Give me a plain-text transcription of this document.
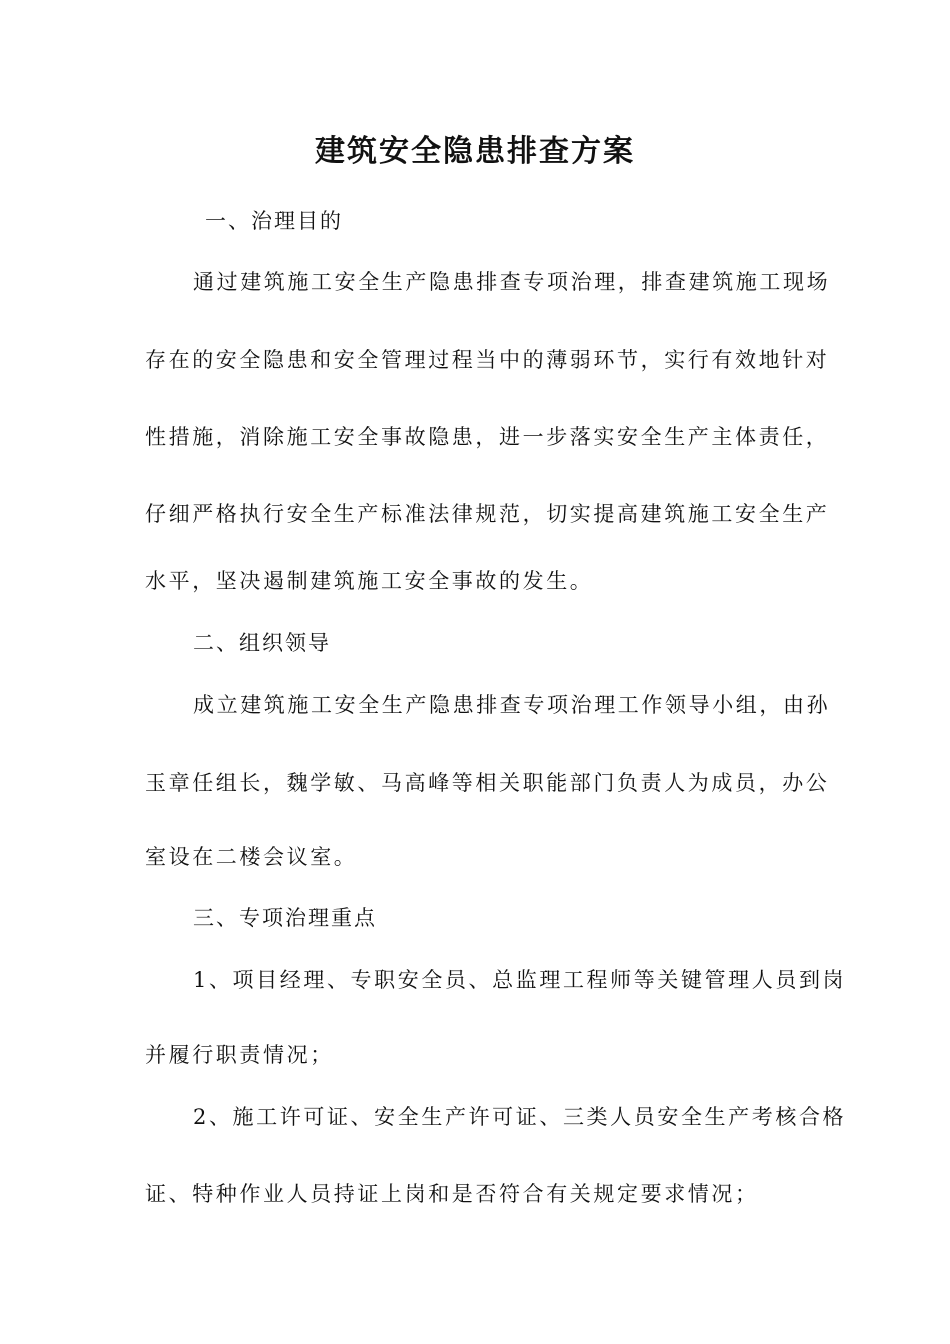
建筑安全隐患排查方案
一、治理目的
通过建筑施工安全生产隐患排查专项治理，排查建筑施工现场
存在的安全隐患和安全管理过程当中的薄弱环节，实行有效地针对
性措施，消除施工安全事故隐患，进一步落实安全生产主体责任，
仔细严格执行安全生产标准法律规范，切实提高建筑施工安全生产
水平，坚决遏制建筑施工安全事故的发生。
二、组织领导
成立建筑施工安全生产隐患排查专项治理工作领导小组，由孙
玉章任组长，魏学敏、马高峰等相关职能部门负责人为成员，办公
室设在二楼会议室。
三、专项治理重点
1、项目经理、专职安全员、总监理工程师等关键管理人员到岗
并履行职责情况；
2、施工许可证、安全生产许可证、三类人员安全生产考核合格
证、特种作业人员持证上岗和是否符合有关规定要求情况；
